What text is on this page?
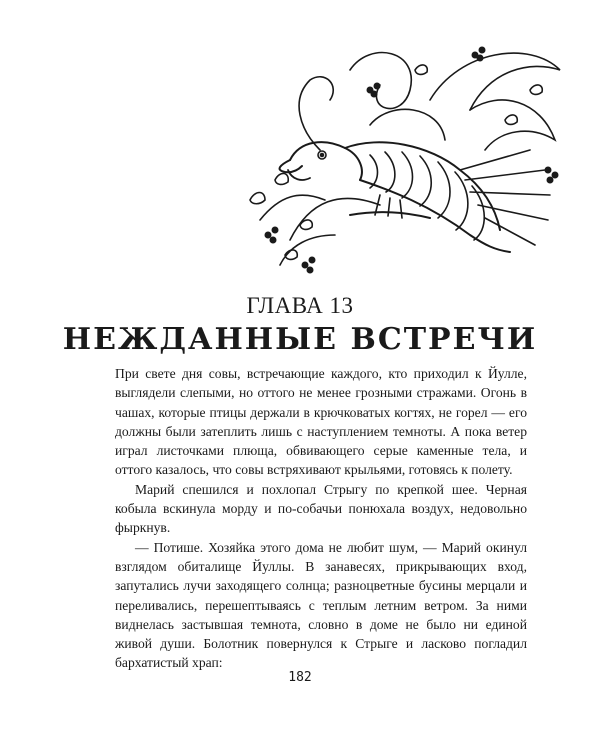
ГЛАВА 13
НЕЖДАННЫЕ ВСТРЕЧИ

При свете дня совы, встречающие каждого, кто приходил к Йулле, выглядели слепыми, но оттого не менее грозными стражами. Огонь в чашах, которые птицы держали в крючковатых когтях, не горел — его должны были затеплить лишь с наступлением темноты. А пока ветер играл листочками плюща, обвивающего серые каменные тела, и оттого казалось, что совы встряхивают крыльями, готовясь к полету.

Марий спешился и похлопал Стрыгу по крепкой шее. Черная кобыла вскинула морду и по-собачьи понюхала воздух, недовольно фыркнув.

— Потише. Хозяйка этого дома не любит шум, — Марий окинул взглядом обиталище Йуллы. В занавесях, прикрывающих вход, запутались лучи заходящего солнца; разноцветные бусины мерцали и переливались, перешептываясь с теплым летним ветром. За ними виднелась застывшая темнота, словно в доме не было ни единой живой души. Болотник повернулся к Стрыге и ласково погладил бархатистый храп:

182
